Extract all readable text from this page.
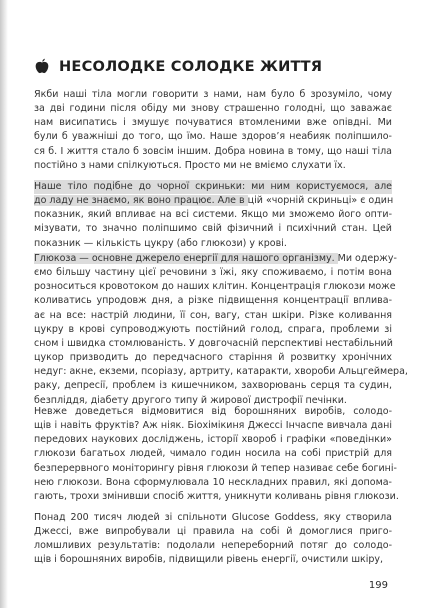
НЕСОЛОДКЕ СОЛОДКЕ ЖИТТЯ

Якби наші тіла могли говорити з нами, нам було б зрозуміло, чому
за дві години після обіду ми знову страшенно голодні, що заважає
нам висипатись і змушує почуватися втомленими вже опівдні. Ми
були б уважніші до того, що їмо. Наше здоров’я неабияк поліпшило-
ся б. І життя стало б зовсім іншим. Добра новина в тому, що наші тіла
постійно з нами спілкуються. Просто ми не вміємо слухати їх.

Наше тіло подібне до чорної скриньки: ми ним користуємося, але
до ладу не знаємо, як воно працює. Але в цій «чорній скриньці» є один
показник, який впливає на всі системи. Якщо ми зможемо його опти-
мізувати, то значно поліпшимо свій фізичний і психічний стан. Цей
показник — кількість цукру (або глюкози) у крові.

Глюкоза — основне джерело енергії для нашого організму. Ми одержу-
ємо більшу частину цієї речовини з їжі, яку споживаємо, і потім вона
розноситься кровотоком до наших клітин. Концентрація глюкози може
коливатись упродовж дня, а різке підвищення концентрації вплива-
ає на все: настрій людини, її сон, вагу, стан шкіри. Різке коливання
цукру в крові супроводжують постійний голод, спрага, проблеми зі
сном і швидка стомлюваність. У довгочасній перспективі нестабільний
цукор призводить до передчасного старіння й розвитку хронічних
недуг: акне, екземи, псоріазу, артриту, катаракти, хвороби Альцгеймера,
раку, депресії, проблем із кишечником, захворювань серця та судин,
безпліддя, діабету другого типу й жирової дистрофії печінки.

Невже доведеться відмовитися від борошняних виробів, солодо-
щів і навіть фруктів? Аж ніяк. Біохімікиня Джессі Інчаспе вивчала дані
передових наукових досліджень, історії хвороб і графіки «поведінки»
глюкози багатьох людей, чимало годин носила на собі пристрій для
безперервного моніторингу рівня глюкози й тепер називає себе богині-
нею глюкози. Вона сформулювала 10 нескладних правил, які допома-
гають, трохи змінивши спосіб життя, уникнути коливань рівня глюкози.

Понад 200 тисяч людей зі спільноти Glucose Goddess, яку створила
Джессі, вже випробували ці правила на собі й домоглися приго-
ломшливих результатів: подолали непереборний потяг до солодо-
щів і борошняних виробів, підвищили рівень енергії, очистили шкіру,

199
